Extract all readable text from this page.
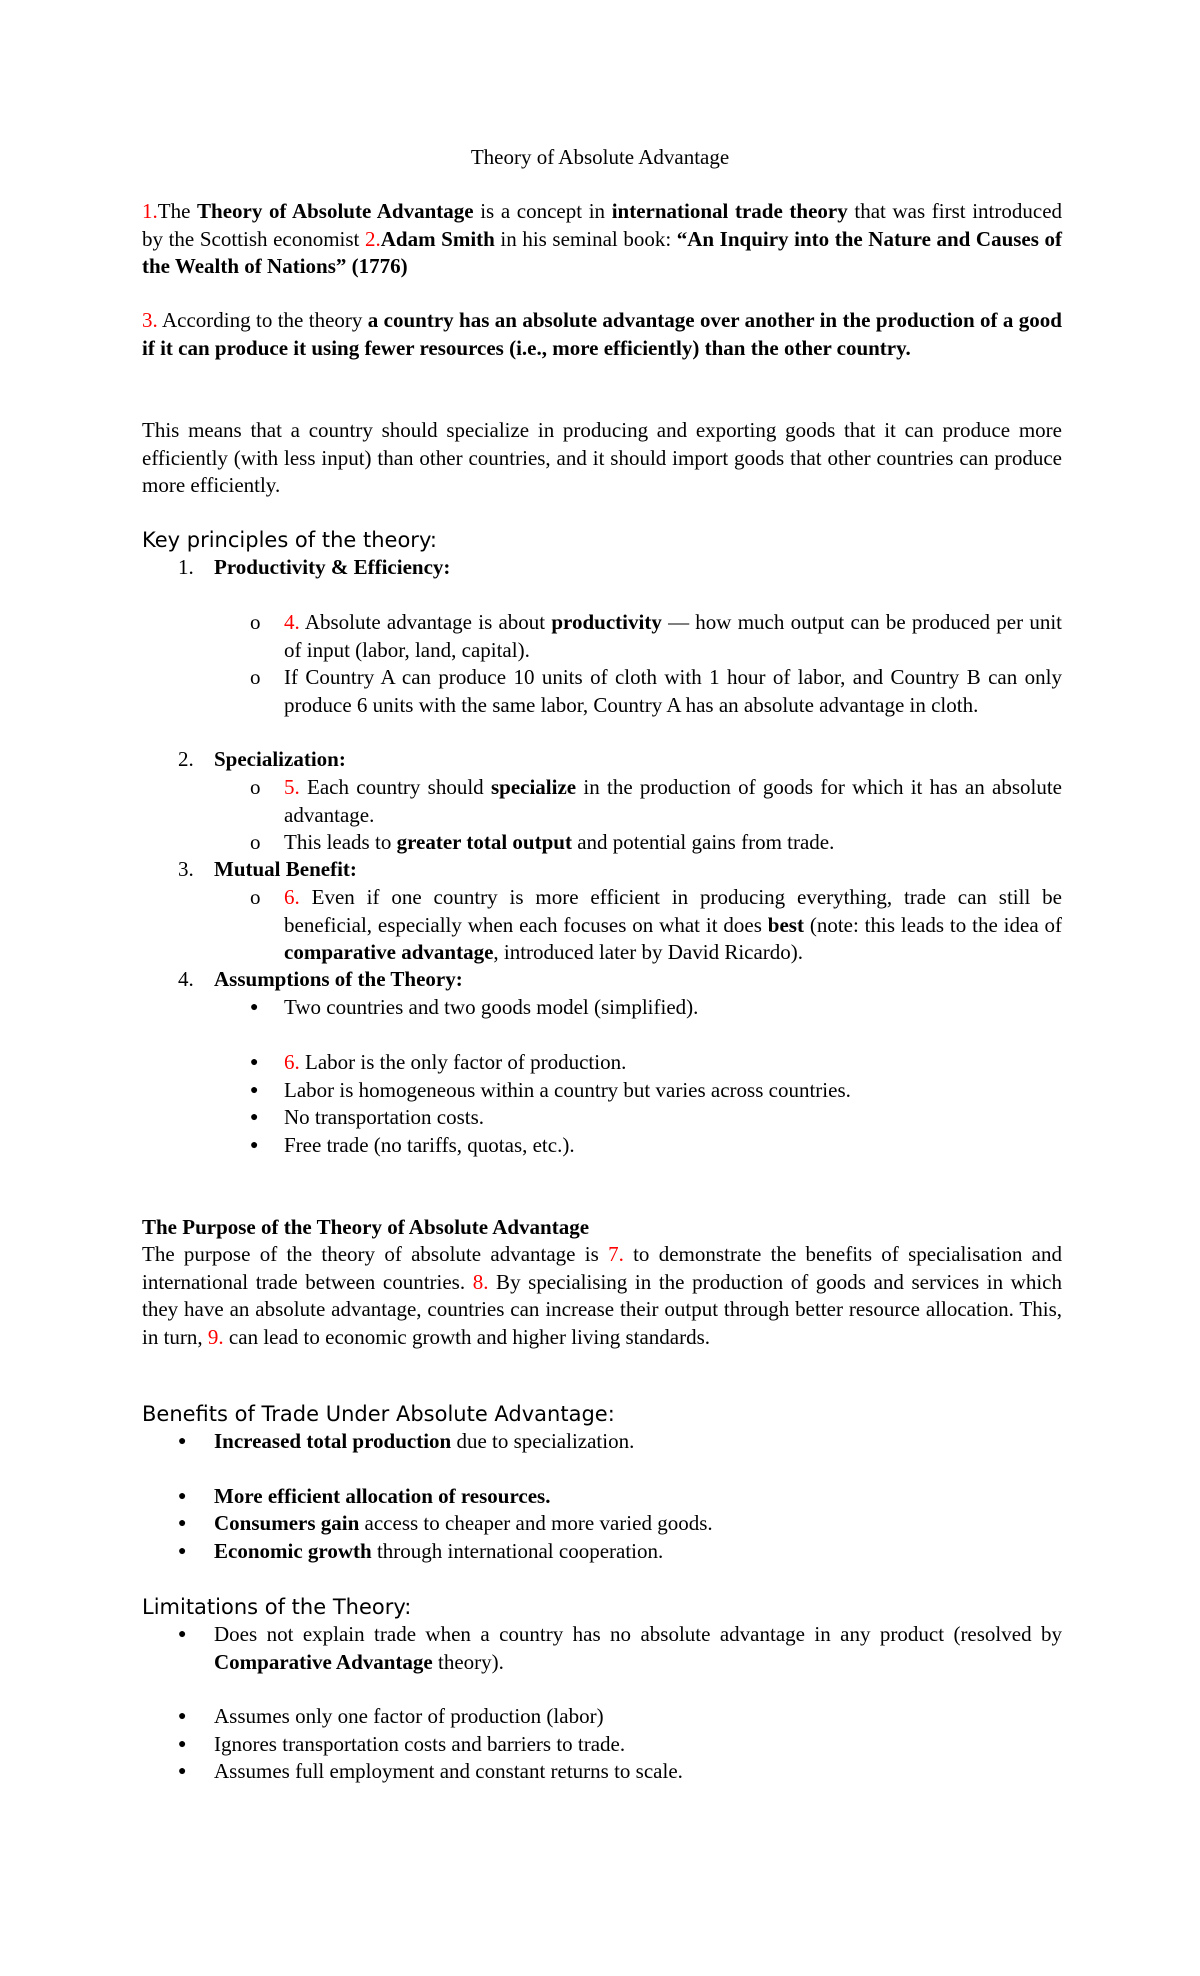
Theory of Absolute Advantage
1.The Theory of Absolute Advantage is a concept in international trade theory that was first introduced by the Scottish economist 2.Adam Smith in his seminal book: “An Inquiry into the Nature and Causes of the Wealth of Nations” (1776)
3. According to the theory a country has an absolute advantage over another in the production of a good if it can produce it using fewer resources (i.e., more efficiently) than the other country.
This means that a country should specialize in producing and exporting goods that it can produce more efficiently (with less input) than other countries, and it should import goods that other countries can produce more efficiently.
Key principles of the theory:
1. Productivity & Efficiency:
o 4. Absolute advantage is about productivity — how much output can be produced per unit of input (labor, land, capital).
o If Country A can produce 10 units of cloth with 1 hour of labor, and Country B can only produce 6 units with the same labor, Country A has an absolute advantage in cloth.
2. Specialization:
o 5. Each country should specialize in the production of goods for which it has an absolute advantage.
o This leads to greater total output and potential gains from trade.
3. Mutual Benefit:
o 6. Even if one country is more efficient in producing everything, trade can still be beneficial, especially when each focuses on what it does best (note: this leads to the idea of comparative advantage, introduced later by David Ricardo).
4. Assumptions of the Theory:
● Two countries and two goods model (simplified).
● 6. Labor is the only factor of production.
● Labor is homogeneous within a country but varies across countries.
● No transportation costs.
● Free trade (no tariffs, quotas, etc.).
The Purpose of the Theory of Absolute Advantage
The purpose of the theory of absolute advantage is 7. to demonstrate the benefits of specialisation and international trade between countries. 8. By specialising in the production of goods and services in which they have an absolute advantage, countries can increase their output through better resource allocation. This, in turn, 9. can lead to economic growth and higher living standards.
Benefits of Trade Under Absolute Advantage:
● Increased total production due to specialization.
● More efficient allocation of resources.
● Consumers gain access to cheaper and more varied goods.
● Economic growth through international cooperation.
Limitations of the Theory:
● Does not explain trade when a country has no absolute advantage in any product (resolved by Comparative Advantage theory).
● Assumes only one factor of production (labor)
● Ignores transportation costs and barriers to trade.
● Assumes full employment and constant returns to scale.
